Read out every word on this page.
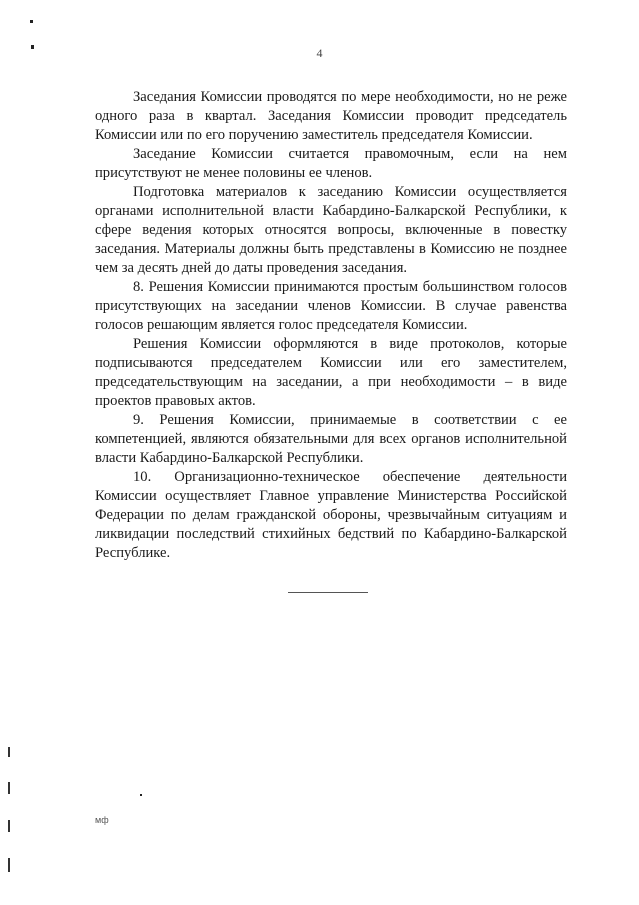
4

Заседания Комиссии проводятся по мере необходимости, но не реже одного раза в квартал. Заседания Комиссии проводит председатель Комиссии или по его поручению заместитель председателя Комиссии.

Заседание Комиссии считается правомочным, если на нем присутствуют не менее половины ее членов.

Подготовка материалов к заседанию Комиссии осуществляется органами исполнительной власти Кабардино-Балкарской Республики, к сфере ведения которых относятся вопросы, включенные в повестку заседания. Материалы должны быть представлены в Комиссию не позднее чем за десять дней до даты проведения заседания.

8. Решения Комиссии принимаются простым большинством голосов присутствующих на заседании членов Комиссии. В случае равенства голосов решающим является голос председателя Комиссии.

Решения Комиссии оформляются в виде протоколов, которые подписываются председателем Комиссии или его заместителем, председательствующим на заседании, а при необходимости – в виде проектов правовых актов.

9. Решения Комиссии, принимаемые в соответствии с ее компетенцией, являются обязательными для всех органов исполнительной власти Кабардино-Балкарской Республики.

10. Организационно-техническое обеспечение деятельности Комиссии осуществляет Главное управление Министерства Российской Федерации по делам гражданской обороны, чрезвычайным ситуациям и ликвидации последствий стихийных бедствий по Кабардино-Балкарской Республике.

мф
